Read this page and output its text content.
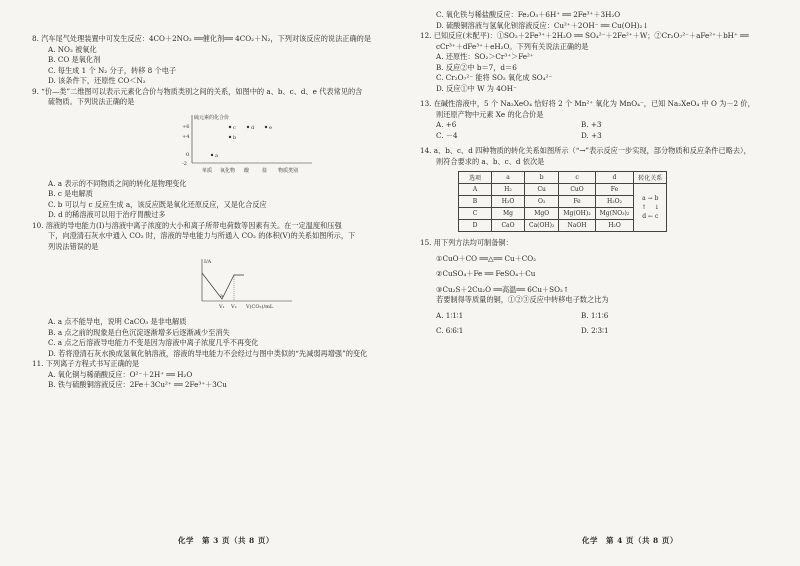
8. 汽车尾气处理装置中可发生反应：4CO＋2NO₂ ══催化剂══ 4CO₂＋N₂，下列对该反应的说法正确的是
A. NO₂ 被氧化
B. CO 是氧化剂
C. 每生成 1 个 N₂ 分子，转移 8 个电子
D. 该条件下，还原性 CO＜N₂
9. “价—类”二维图可以表示元素化合价与物质类别之间的关系，如图中的 a、b、c、d、e 代表常见的含
硫物质。下列说法正确的是
硫元素的化合价
+6
+4
0
-2
a
b
c	d	e
单质 氧化物 酸	盐 物质类别
A. a 表示的不同物质之间的转化是物理变化
B. c 是电解质
C. b 可以与 c 反应生成 a，该反应既是氧化还原反应，又是化合反应
D. d 的稀溶液可以用于治疗胃酸过多
10. 溶液的导电能力(I)与溶液中离子浓度的大小和离子所带电荷数等因素有关。在一定温度和压强
下，向澄清石灰水中通入 CO₂ 时，溶液的导电能力与所通入 CO₂ 的体积(V)的关系如图所示，下
列说法错误的是
I/A
a
V₁ V₂ V(CO₂)/mL
A. a 点不能导电，说明 CaCO₃ 是非电解质
B. a 点之前的现象是白色沉淀逐渐增多后逐渐减少至消失
C. a 点之后溶液导电能力不变是因为溶液中离子浓度几乎不再变化
D. 若将澄清石灰水换成氢氧化钠溶液，溶液的导电能力不会经过与图中类似的“先减弱再增强”的变化
11. 下列离子方程式书写正确的是
A. 氧化铜与稀硝酸反应：O²⁻＋2H⁺ ══ H₂O
B. 铁与硫酸铜溶液反应：2Fe＋3Cu²⁺ ══ 2Fe³⁺＋3Cu
化学　第 3 页（共 8 页）
C. 氧化铁与稀盐酸反应：Fe₂O₃＋6H⁺ ══ 2Fe³⁺＋3H₂O
D. 硫酸铜溶液与氢氧化钡溶液反应：Cu²⁺＋2OH⁻ ══ Cu(OH)₂↓
12. 已知反应(未配平)：①SO₂＋2Fe³⁺＋2H₂O ══ SO₄²⁻＋2Fe²⁺＋W；②Cr₂O₇²⁻＋aFe²⁺＋bH⁺ ══
cCr³⁺＋dFe³⁺＋eH₂O。下列有关说法正确的是
A. 还原性：SO₂＞Cr³⁺＞Fe²⁺
B. 反应②中 b＝7，d＝6
C. Cr₂O₇²⁻ 能将 SO₂ 氧化成 SO₄²⁻
D. 反应①中 W 为 4OH⁻
13. 在碱性溶液中，5 个 Na₂XeO₄ 恰好将 2 个 Mn²⁺ 氧化为 MnO₄⁻，已知 Na₂XeO₄ 中 O 为－2 价，
则还原产物中元素 Xe 的化合价是
A. +6	B. +3
C. －4	D. +3
14. a、b、c、d 四种物质的转化关系如图所示（“→”表示反应一步实现，部分物质和反应条件已略去），
则符合要求的 a、b、c、d 依次是
选项	a	b	c	d	转化关系
A	H₂	Cu	CuO	Fe	a → b
↑　 ↓
d ← c

B	H₂O	O₂	Fe	H₂O₂	
C	Mg	MgO	Mg(OH)₂	Mg(NO₃)₂	
D	CaO	Ca(OH)₂	NaOH	H₂O	
15. 用下列方法均可制备铜：
①CuO＋CO ══△══ Cu＋CO₂
②CuSO₄＋Fe ══ FeSO₄＋Cu
③Cu₂S＋2Cu₂O ══高温══ 6Cu＋SO₂↑
若要制得等质量的铜，①②③反应中转移电子数之比为
A. 1∶1∶1	B. 1∶1∶6
C. 6∶6∶1	D. 2∶3∶1
化学　第 4 页（共 8 页）
